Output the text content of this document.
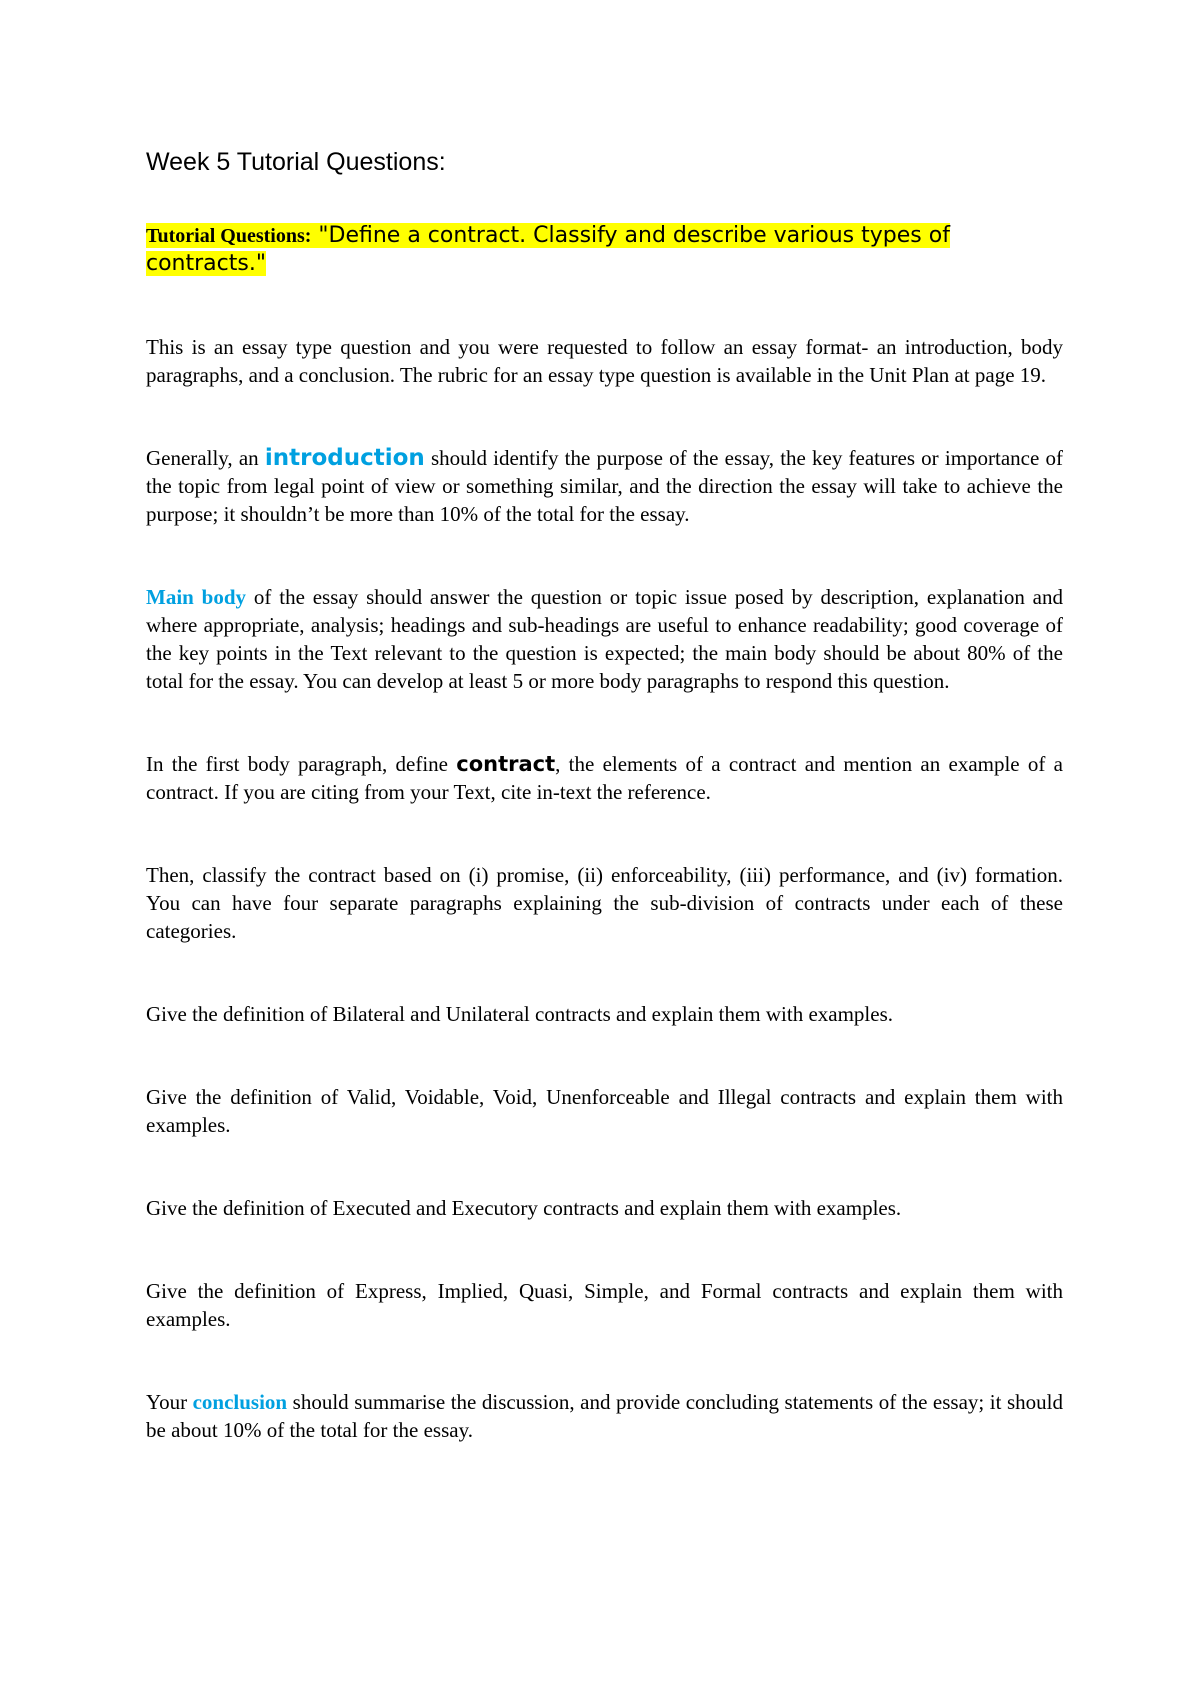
Week 5 Tutorial Questions:
Tutorial Questions: "Define a contract. Classify and describe various types of contracts."

This is an essay type question and you were requested to follow an essay format- an introduction, body paragraphs, and a conclusion. The rubric for an essay type question is available in the Unit Plan at page 19.

Generally, an introduction should identify the purpose of the essay, the key features or importance of the topic from legal point of view or something similar, and the direction the essay will take to achieve the purpose; it shouldn’t be more than 10% of the total for the essay.

Main body of the essay should answer the question or topic issue posed by description, explanation and where appropriate, analysis; headings and sub-headings are useful to enhance readability; good coverage of the key points in the Text relevant to the question is expected; the main body should be about 80% of the total for the essay. You can develop at least 5 or more body paragraphs to respond this question.

In the first body paragraph, define contract, the elements of a contract and mention an example of a contract. If you are citing from your Text, cite in-text the reference.

Then, classify the contract based on (i) promise, (ii) enforceability, (iii) performance, and (iv) formation. You can have four separate paragraphs explaining the sub-division of contracts under each of these categories.

Give the definition of Bilateral and Unilateral contracts and explain them with examples.

Give the definition of Valid, Voidable, Void, Unenforceable and Illegal contracts and explain them with examples.

Give the definition of Executed and Executory contracts and explain them with examples.

Give the definition of Express, Implied, Quasi, Simple, and Formal contracts and explain them with examples.

Your conclusion should summarise the discussion, and provide concluding statements of the essay; it should be about 10% of the total for the essay.
